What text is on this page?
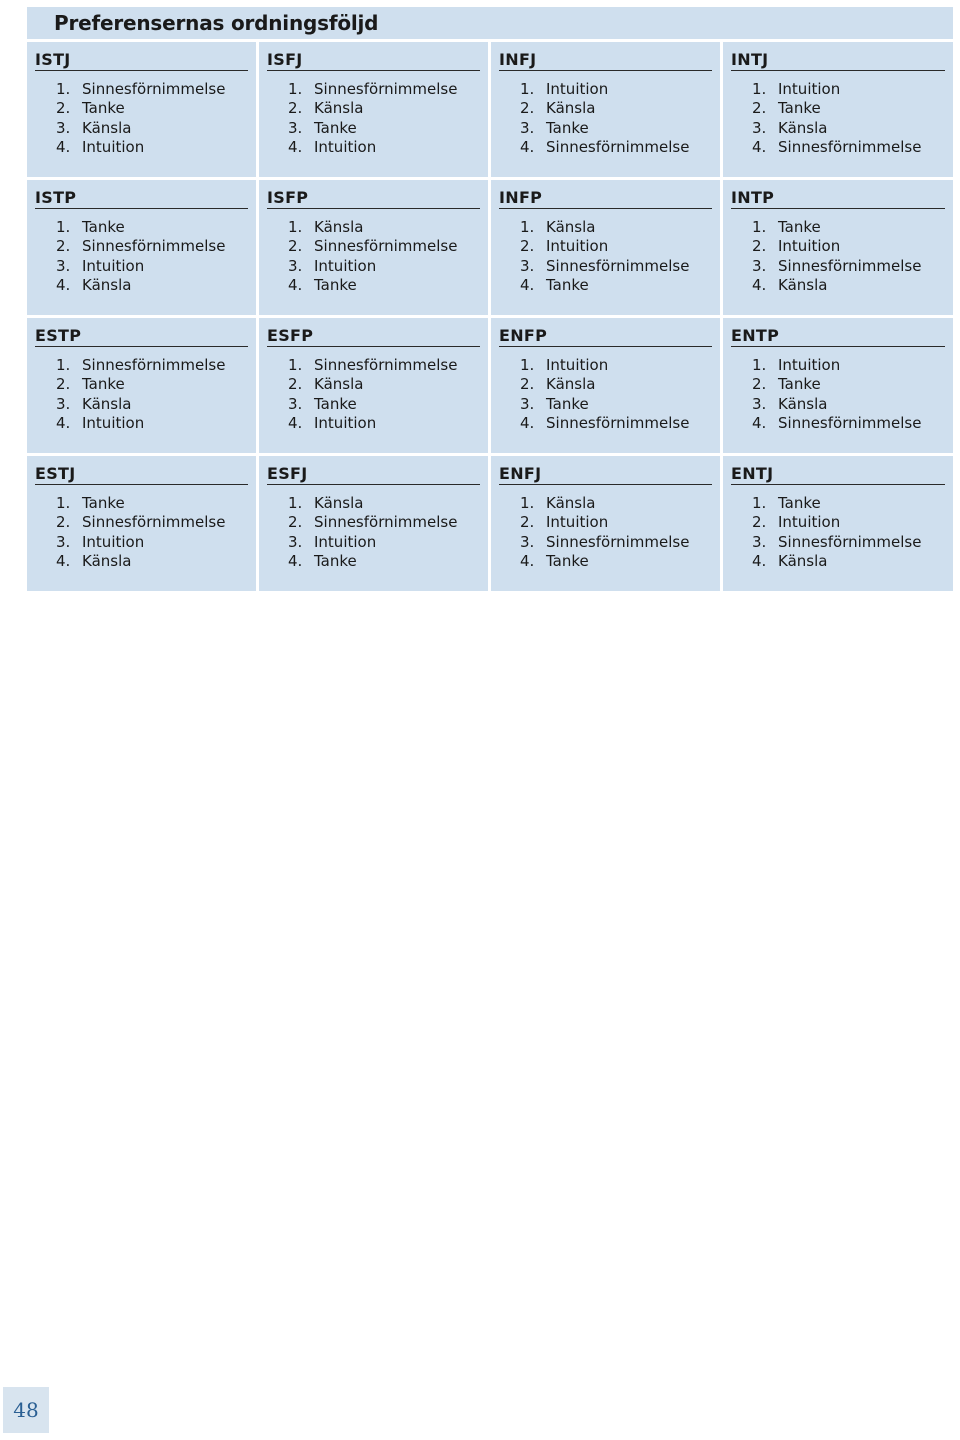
Preferensernas ordningsföljd
ISTJ
1. Sinnesförnimmelse
2. Tanke
3. Känsla
4. Intuition
ISFJ
1. Sinnesförnimmelse
2. Känsla
3. Tanke
4. Intuition
INFJ
1. Intuition
2. Känsla
3. Tanke
4. Sinnesförnimmelse
INTJ
1. Intuition
2. Tanke
3. Känsla
4. Sinnesförnimmelse
ISTP
1. Tanke
2. Sinnesförnimmelse
3. Intuition
4. Känsla
ISFP
1. Känsla
2. Sinnesförnimmelse
3. Intuition
4. Tanke
INFP
1. Känsla
2. Intuition
3. Sinnesförnimmelse
4. Tanke
INTP
1. Tanke
2. Intuition
3. Sinnesförnimmelse
4. Känsla
ESTP
1. Sinnesförnimmelse
2. Tanke
3. Känsla
4. Intuition
ESFP
1. Sinnesförnimmelse
2. Känsla
3. Tanke
4. Intuition
ENFP
1. Intuition
2. Känsla
3. Tanke
4. Sinnesförnimmelse
ENTP
1. Intuition
2. Tanke
3. Känsla
4. Sinnesförnimmelse
ESTJ
1. Tanke
2. Sinnesförnimmelse
3. Intuition
4. Känsla
ESFJ
1. Känsla
2. Sinnesförnimmelse
3. Intuition
4. Tanke
ENFJ
1. Känsla
2. Intuition
3. Sinnesförnimmelse
4. Tanke
ENTJ
1. Tanke
2. Intuition
3. Sinnesförnimmelse
4. Känsla
48
